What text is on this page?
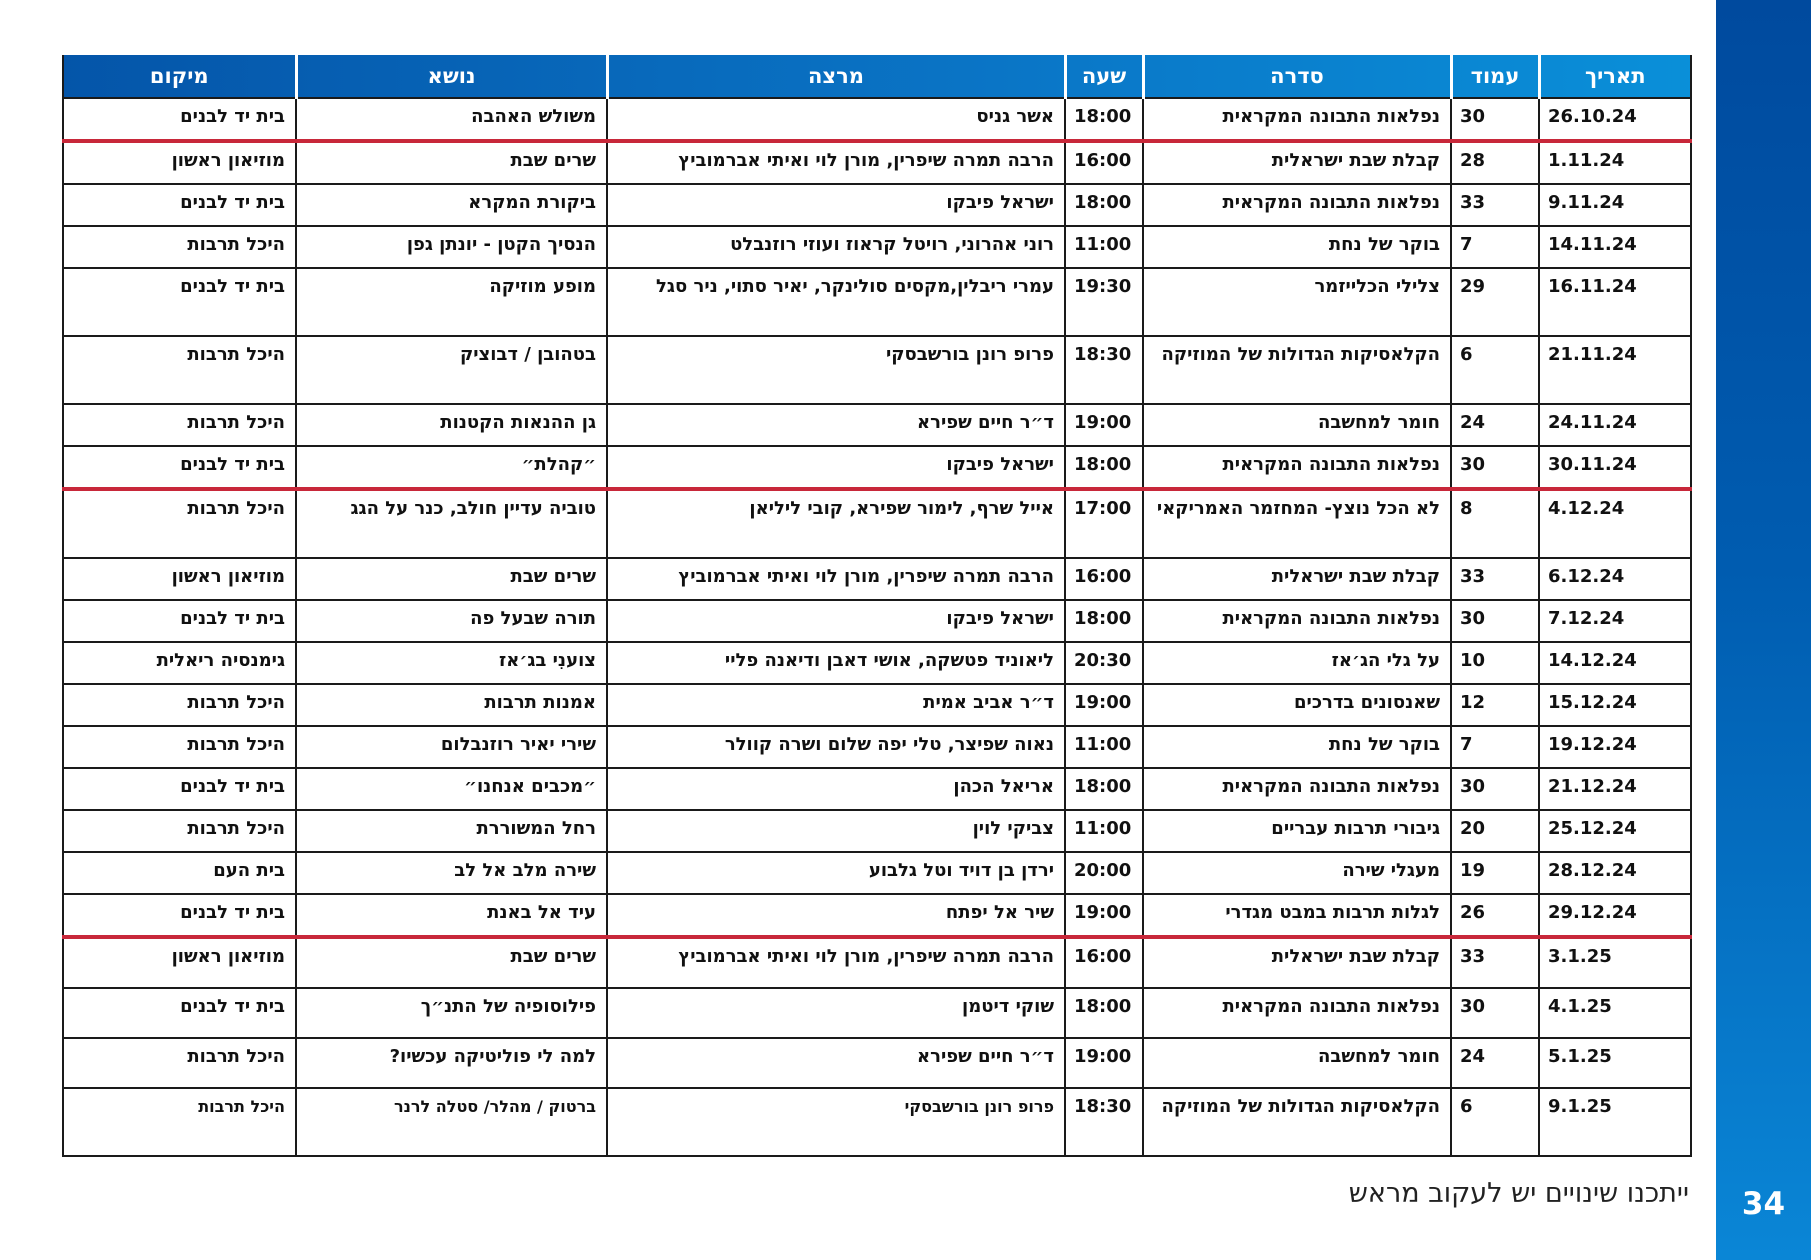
34
ייתכנו שינויים יש לעקוב מראש
תאריך	עמוד	סדרה	שעה	מרצה	נושא	מיקום
26.10.24	30	נפלאות התבונה המקראית	18:00	אשר גניס	משולש האהבה	בית יד לבנים
1.11.24	28	קבלת שבת ישראלית	16:00	הרבה תמרה שיפרין, מורן לוי ואיתי אברמוביץ	שרים שבת	מוזיאון ראשון
9.11.24	33	נפלאות התבונה המקראית	18:00	ישראל פיבקו	ביקורת המקרא	בית יד לבנים
14.11.24	7	בוקר של נחת	11:00	רוני אהרוני, רויטל קראוז ועוזי רוזנבלט	הנסיך הקטן - יונתן גפן	היכל תרבות
16.11.24	29	צלילי הכלייזמר	19:30	עמרי ריבלין,מקסים סולינקר, יאיר סתוי, ניר סגל	מופע מוזיקה	בית יד לבנים
21.11.24	6	הקלאסיקות הגדולות של המוזיקה	18:30	פרופ רונן בורשבסקי	בטהובן / דבוציק	היכל תרבות
24.11.24	24	חומר למחשבה	19:00	ד״ר חיים שפירא	גן ההנאות הקטנות	היכל תרבות
30.11.24	30	נפלאות התבונה המקראית	18:00	ישראל פיבקו	״קהלת״	בית יד לבנים
4.12.24	8	לא הכל נוצץ- המחזמר האמריקאי	17:00	אייל שרף, לימור שפירא, קובי ליליאן	טוביה עדיין חולב, כנר על הגג	היכל תרבות
6.12.24	33	קבלת שבת ישראלית	16:00	הרבה תמרה שיפרין, מורן לוי ואיתי אברמוביץ	שרים שבת	מוזיאון ראשון
7.12.24	30	נפלאות התבונה המקראית	18:00	ישראל פיבקו	תורה שבעל פה	בית יד לבנים
14.12.24	10	על גלי הג׳אז	20:30	ליאוניד פטשקה, אושי דאבן ודיאנה פליי	צוענִי בג׳אז	גימנסיה ריאלית
15.12.24	12	שאנסונים בדרכים	19:00	ד״ר אביב אמית	אמנות תרבות	היכל תרבות
19.12.24	7	בוקר של נחת	11:00	נאוה שפיצר, טלי יפה שלום ושרה קוולר	שירי יאיר רוזנבלום	היכל תרבות
21.12.24	30	נפלאות התבונה המקראית	18:00	אריאל הכהן	״מכבים אנחנו״	בית יד לבנים
25.12.24	20	גיבורי תרבות עבריים	11:00	צביקי לוין	רחל המשוררת	היכל תרבות
28.12.24	19	מעגלי שירה	20:00	ירדן בן דויד וטל גלבוע	שירה מלב אל לב	בית העם
29.12.24	26	לגלות תרבות במבט מגדרי	19:00	שיר אל יפתח	עיד אל באנת	בית יד לבנים
3.1.25	33	קבלת שבת ישראלית	16:00	הרבה תמרה שיפרין, מורן לוי ואיתי אברמוביץ	שרים שבת	מוזיאון ראשון
4.1.25	30	נפלאות התבונה המקראית	18:00	שוקי דיטמן	פילוסופיה של התנ״ך	בית יד לבנים
5.1.25	24	חומר למחשבה	19:00	ד״ר חיים שפירא	למה לי פוליטיקה עכשיו?	היכל תרבות
9.1.25	6	הקלאסיקות הגדולות של המוזיקה	18:30	פרופ רונן בורשבסקי	ברטוק / מהלר/ סטלה לרנר	היכל תרבות
